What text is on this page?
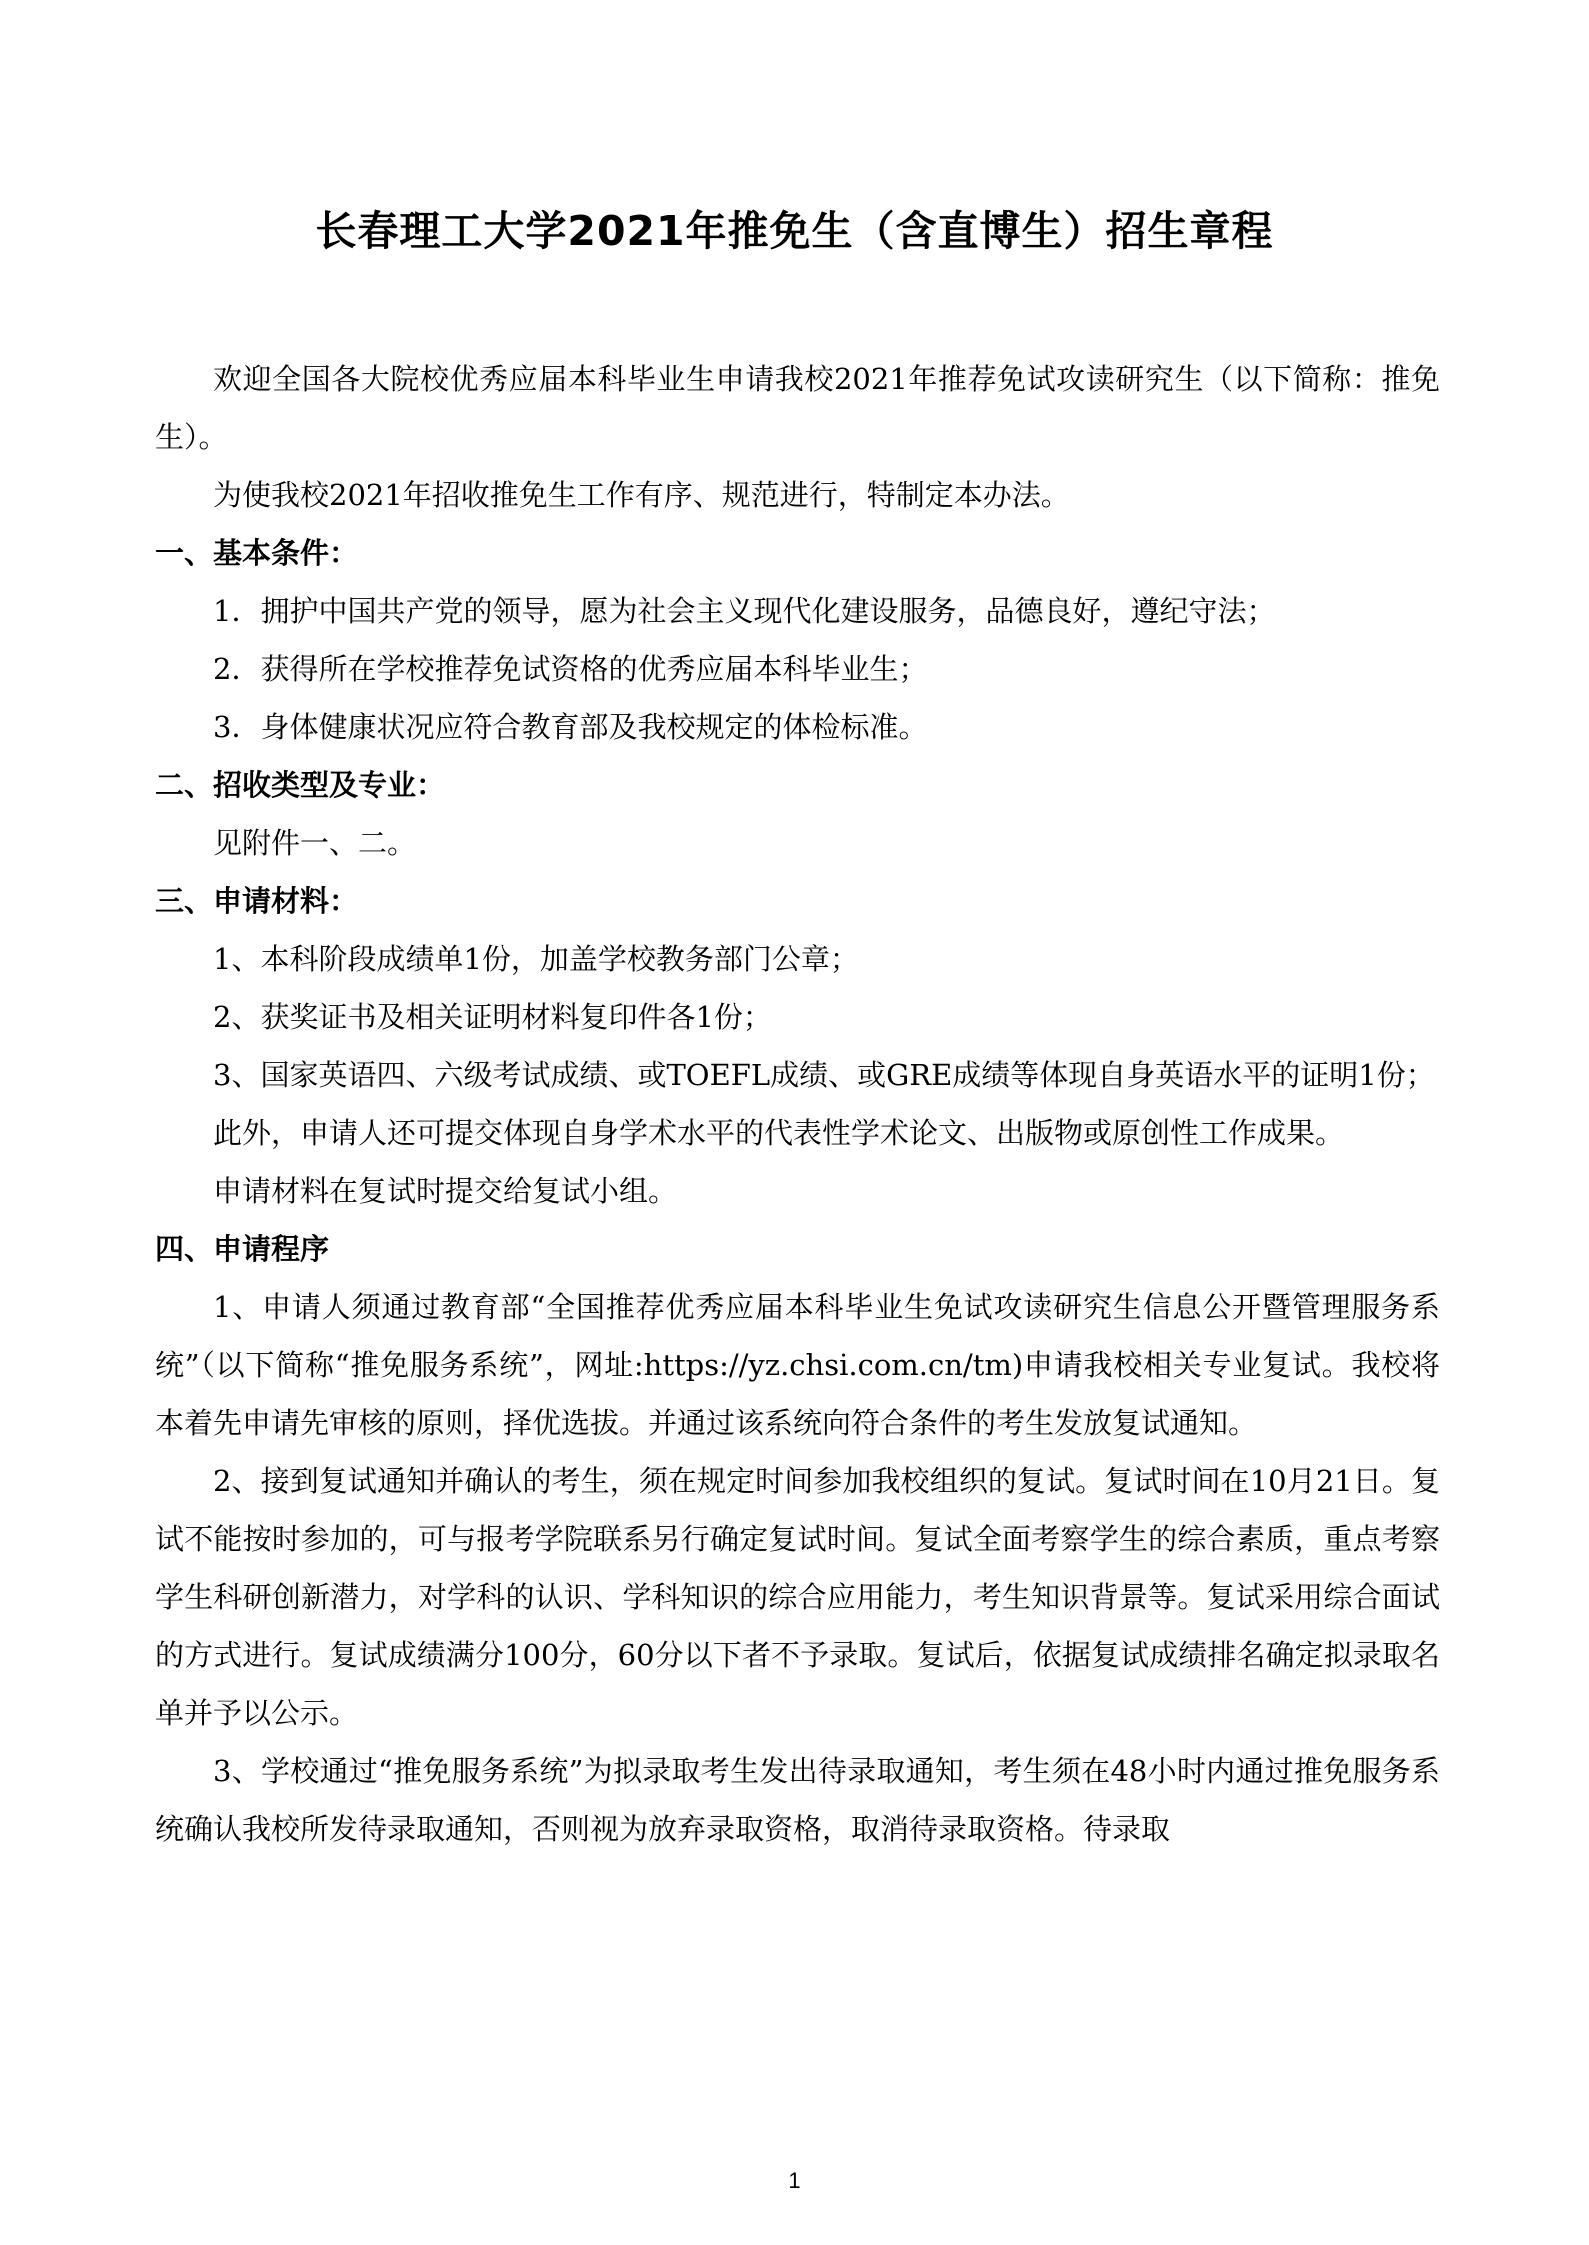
长春理工大学2021年推免生（含直博生）招生章程

欢迎全国各大院校优秀应届本科毕业生申请我校2021年推荐免试攻读研究生（以下简称：推免生）。

为使我校2021年招收推免生工作有序、规范进行，特制定本办法。

一、基本条件：

1．拥护中国共产党的领导，愿为社会主义现代化建设服务，品德良好，遵纪守法；

2．获得所在学校推荐免试资格的优秀应届本科毕业生；

3．身体健康状况应符合教育部及我校规定的体检标准。

二、招收类型及专业：

见附件一、二。

三、申请材料：

1、本科阶段成绩单1份，加盖学校教务部门公章；

2、获奖证书及相关证明材料复印件各1份；

3、国家英语四、六级考试成绩、或TOEFL成绩、或GRE成绩等体现自身英语水平的证明1份；

此外，申请人还可提交体现自身学术水平的代表性学术论文、出版物或原创性工作成果。

申请材料在复试时提交给复试小组。

四、申请程序

1、申请人须通过教育部“全国推荐优秀应届本科毕业生免试攻读研究生信息公开暨管理服务系统”（以下简称“推免服务系统”，网址:https://yz.chsi.com.cn/tm)申请我校相关专业复试。我校将本着先申请先审核的原则，择优选拔。并通过该系统向符合条件的考生发放复试通知。

2、接到复试通知并确认的考生，须在规定时间参加我校组织的复试。复试时间在10月21日。复试不能按时参加的，可与报考学院联系另行确定复试时间。复试全面考察学生的综合素质，重点考察学生科研创新潜力，对学科的认识、学科知识的综合应用能力，考生知识背景等。复试采用综合面试的方式进行。复试成绩满分100分，60分以下者不予录取。复试后，依据复试成绩排名确定拟录取名单并予以公示。

3、学校通过“推免服务系统”为拟录取考生发出待录取通知，考生须在48小时内通过推免服务系统确认我校所发待录取通知，否则视为放弃录取资格，取消待录取资格。待录取

1
